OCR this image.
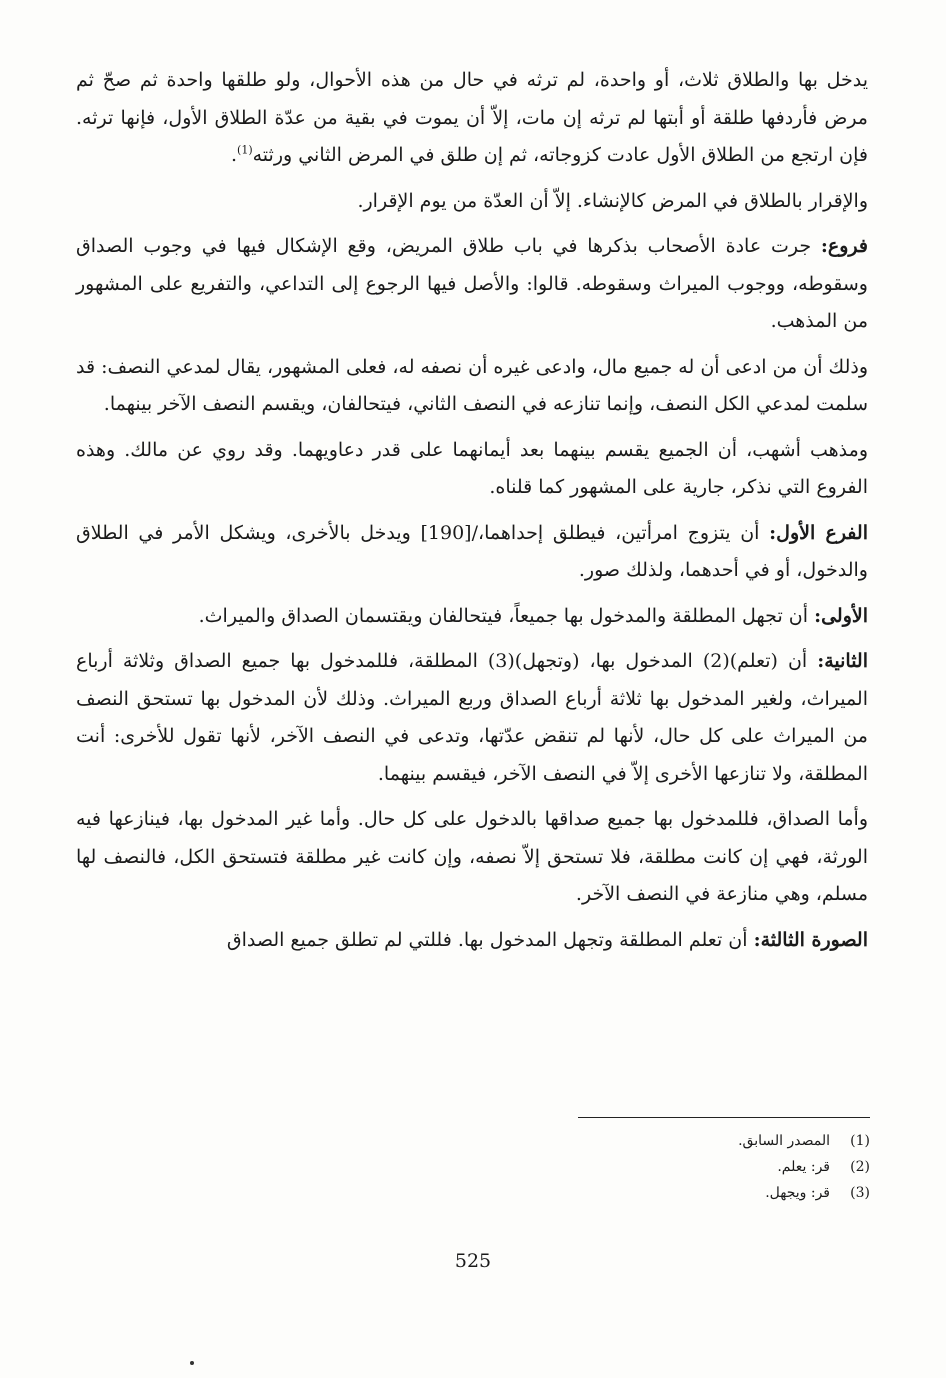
يدخل بها والطلاق ثلاث، أو واحدة، لم ترثه في حال من هذه الأحوال، ولو طلقها واحدة ثم صحّ ثم مرض فأردفها طلقة أو أبتها لم ترثه إن مات، إلاّ أن يموت في بقية من عدّة الطلاق الأول، فإنها ترثه. فإن ارتجع من الطلاق الأول عادت كزوجاته، ثم إن طلق في المرض الثاني ورثته$^{(1)}$.

والإقرار بالطلاق في المرض كالإنشاء. إلاّ أن العدّة من يوم الإقرار.

فروع: جرت عادة الأصحاب بذكرها في باب طلاق المريض، وقع الإشكال فيها في وجوب الصداق وسقوطه، ووجوب الميراث وسقوطه. قالوا: والأصل فيها الرجوع إلى التداعي، والتفريع على المشهور من المذهب.

وذلك أن من ادعى أن له جميع مال، وادعى غيره أن نصفه له، فعلى المشهور، يقال لمدعي النصف: قد سلمت لمدعي الكل النصف، وإنما تنازعه في النصف الثاني، فيتحالفان، ويقسم النصف الآخر بينهما.

ومذهب أشهب، أن الجميع يقسم بينهما بعد أيمانهما على قدر دعاويهما. وقد روي عن مالك. وهذه الفروع التي نذكر، جارية على المشهور كما قلناه.

الفرع الأول: أن يتزوج امرأتين، فيطلق إحداهما،/[190] ويدخل بالأخرى، ويشكل الأمر في الطلاق والدخول، أو في أحدهما، ولذلك صور.

الأولى: أن تجهل المطلقة والمدخول بها جميعاً، فيتحالفان ويقتسمان الصداق والميراث.

الثانية: أن (تعلم)(2) المدخول بها، (وتجهل)(3) المطلقة، فللمدخول بها جميع الصداق وثلاثة أرباع الميراث، ولغير المدخول بها ثلاثة أرباع الصداق وربع الميراث. وذلك لأن المدخول بها تستحق النصف من الميراث على كل حال، لأنها لم تنقض عدّتها، وتدعى في النصف الآخر، لأنها تقول للأخرى: أنت المطلقة، ولا تنازعها الأخرى إلاّ في النصف الآخر، فيقسم بينهما.

وأما الصداق، فللمدخول بها جميع صداقها بالدخول على كل حال. وأما غير المدخول بها، فينازعها فيه الورثة، فهي إن كانت مطلقة، فلا تستحق إلاّ نصفه، وإن كانت غير مطلقة فتستحق الكل، فالنصف لها مسلم، وهي منازعة في النصف الآخر.

الصورة الثالثة: أن تعلم المطلقة وتجهل المدخول بها. فللتي لم تطلق جميع الصداق

(1)
المصدر السابق.
(2)
قر: يعلم.
(3)
قر: ويجهل.
525
